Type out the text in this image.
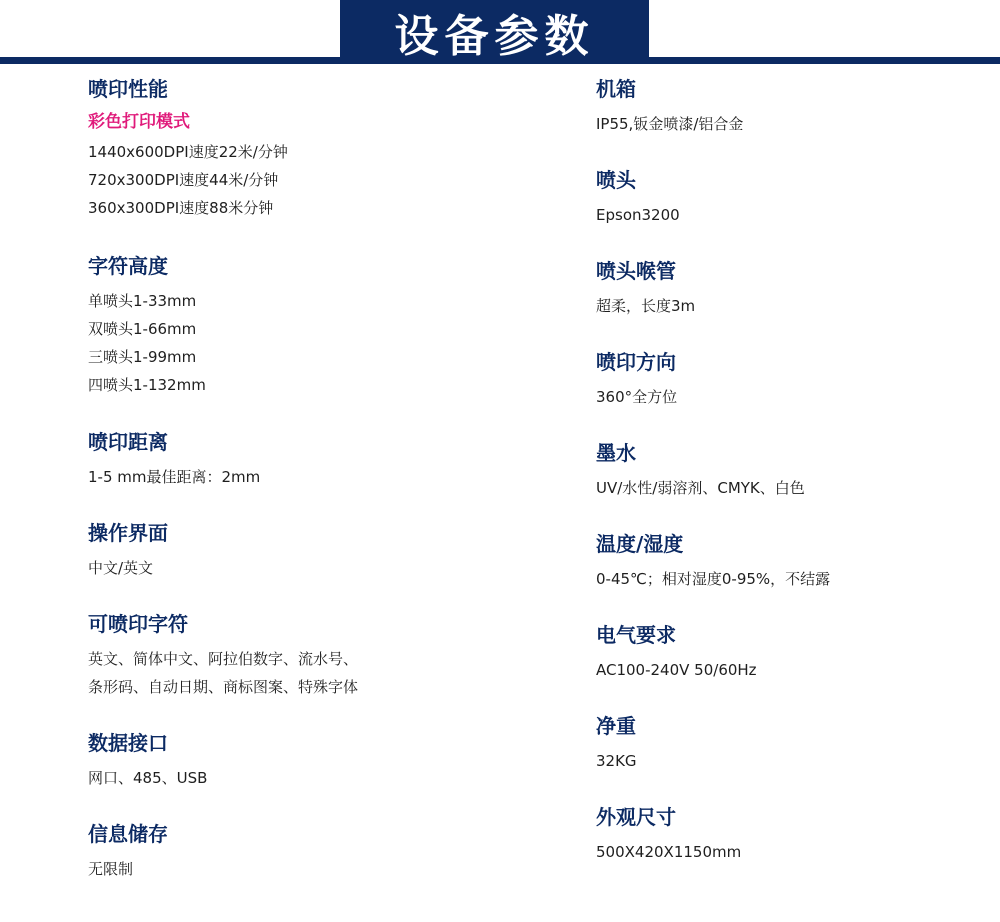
设备参数
喷印性能
彩色打印模式
1440x600DPI速度22米/分钟
720x300DPI速度44米/分钟
360x300DPI速度88米分钟
字符高度
单喷头1-33mm
双喷头1-66mm
三喷头1-99mm
四喷头1-132mm
喷印距离
1-5 mm最佳距离：2mm
操作界面
中文/英文
可喷印字符
英文、简体中文、阿拉伯数字、流水号、
条形码、自动日期、商标图案、特殊字体
数据接口
网口、485、USB
信息储存
无限制
机箱
IP55,钣金喷漆/铝合金
喷头
Epson3200
喷头喉管
超柔，长度3m
喷印方向
360°全方位
墨水
UV/水性/弱溶剂、CMYK、白色
温度/湿度
0-45℃；相对湿度0-95%，不结露
电气要求
AC100-240V 50/60Hz
净重
32KG
外观尺寸
500X420X1150mm
